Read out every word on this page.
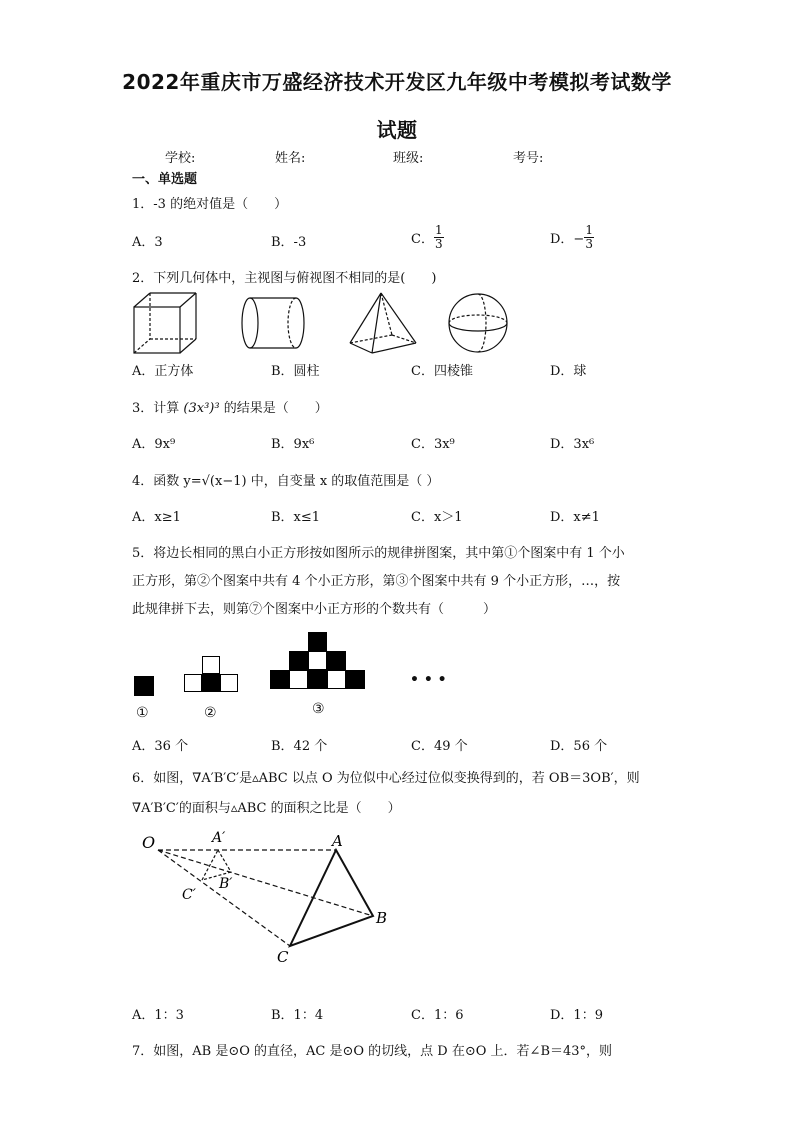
2022年重庆市万盛经济技术开发区九年级中考模拟考试数学
试题
学校:	姓名:	班级:	考号:
一、单选题
1．-3 的绝对值是（　　）
A．3	B．-3	C． $\frac{1}{3}$	D．− $\frac{1}{3}$
2．下列几何体中，主视图与俯视图不相同的是(　　)
A．正方体	B．圆柱	C．四棱锥	D．球
3．计算 (3x³)³ 的结果是（　　）
A．9x⁹	B．9x⁶	C．3x⁹	D．3x⁶
4．函数 y=√(x−1) 中，自变量 x 的取值范围是（ ）
A．x≥1	B．x≤1	C．x＞1	D．x≠1
5．将边长相同的黑白小正方形按如图所示的规律拼图案，其中第①个图案中有 1 个小
正方形，第②个图案中共有 4 个小正方形，第③个图案中共有 9 个小正方形，…，按
此规律拼下去，则第⑦个图案中小正方形的个数共有（　　　）
• • •
①	②	③
A．36 个	B．42 个	C．49 个	D．56 个
6．如图，∇A′B′C′是▵ABC 以点 O 为位似中心经过位似变换得到的，若 OB＝3OB′，则
∇A′B′C′的面积与▵ABC 的面积之比是（　　）
O	A′	A
B′
B
C′
C
A．1：3	B．1：4	C．1：6	D．1：9
7．如图，AB 是⊙O 的直径，AC 是⊙O 的切线，点 D 在⊙O 上．若∠B＝43°，则
